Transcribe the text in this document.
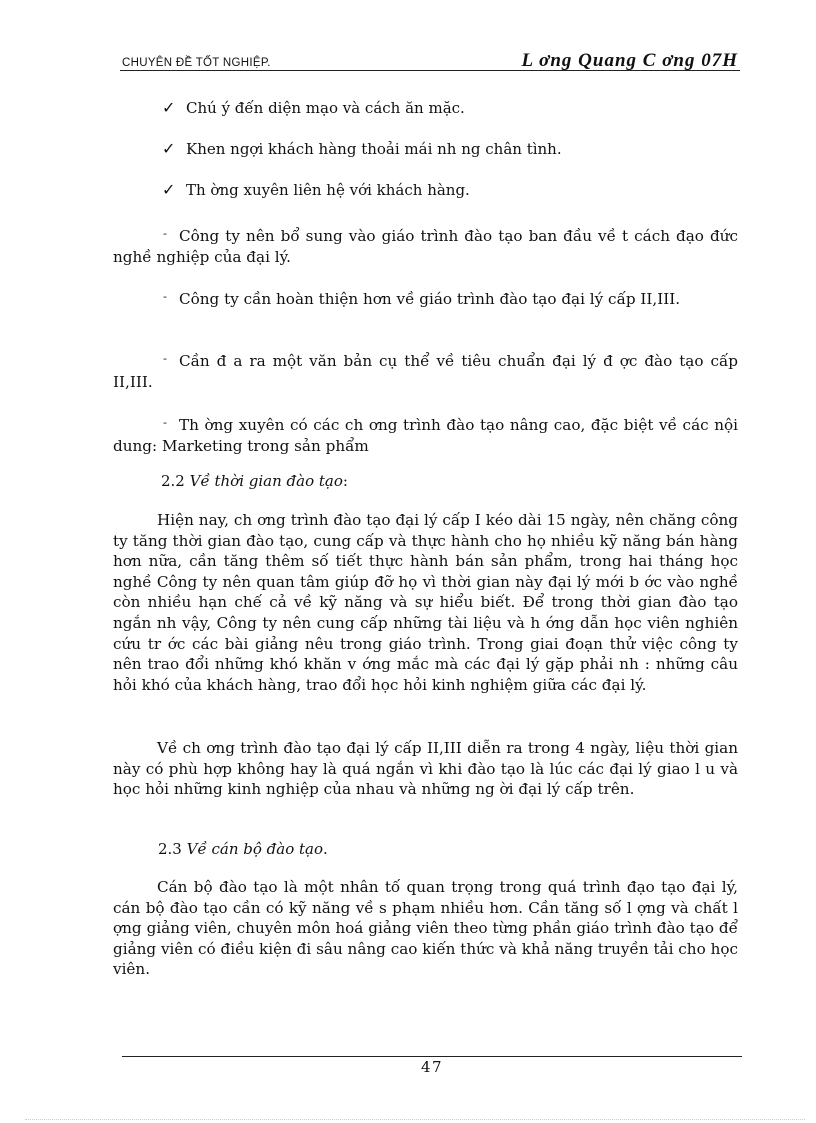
CHUYÊN ĐỀ TỐT NGHIỆP.	L ơng Quang C ơng 07H
✓ Chú ý đến diện mạo và cách ăn mặc.
✓ Khen ngợi khách hàng thoải mái nh ng chân tình.
✓ Th ờng xuyên liên hệ với khách hàng.
- Công ty nên bổ sung vào giáo trình đào tạo ban đầu về t cách đạo đức nghề nghiệp của đại lý.
- Công ty cần hoàn thiện hơn về giáo trình đào tạo đại lý cấp II,III.
- Cần đ a ra một văn bản cụ thể về tiêu chuẩn đại lý đ ợc đào tạo cấp II,III.
- Th ờng xuyên có các ch ơng trình đào tạo nâng cao, đặc biệt về các nội dung: Marketing trong sản phẩm
2.2 Về thời gian đào tạo:
Hiện nay, ch ơng trình đào tạo đại lý cấp I kéo dài 15 ngày, nên chăng công ty tăng thời gian đào tạo, cung cấp và thực hành cho họ nhiều kỹ năng bán hàng hơn nữa, cần tăng thêm số tiết thực hành bán sản phẩm, trong hai tháng học nghề Công ty nên quan tâm giúp đỡ họ vì thời gian này đại lý mới b ớc vào nghề còn nhiều hạn chế cả về kỹ năng và sự hiểu biết. Để trong thời gian đào tạo ngắn nh vậy, Công ty nên cung cấp những tài liệu và h ớng dẫn học viên nghiên cứu tr ớc các bài giảng nêu trong giáo trình. Trong giai đoạn thử việc công ty nên trao đổi những khó khăn v ớng mắc mà các đại lý gặp phải nh : những câu hỏi khó của khách hàng, trao đổi học hỏi kinh nghiệm giữa các đại lý.
Về ch ơng trình đào tạo đại lý cấp II,III diễn ra trong 4 ngày, liệu thời gian này có phù hợp không hay là quá ngắn vì khi đào tạo là lúc các đại lý giao l u và học hỏi những kinh nghiệp của nhau và những ng ời đại lý cấp trên.
2.3 Về cán bộ đào tạo.
Cán bộ đào tạo là một nhân tố quan trọng trong quá trình đạo tạo đại lý, cán bộ đào tạo cần có kỹ năng về s phạm nhiều hơn. Cần tăng số l ợng và chất l ợng giảng viên, chuyên môn hoá giảng viên theo từng phần giáo trình đào tạo để giảng viên có điều kiện đi sâu nâng cao kiến thức và khả năng truyền tải cho học viên.
47
